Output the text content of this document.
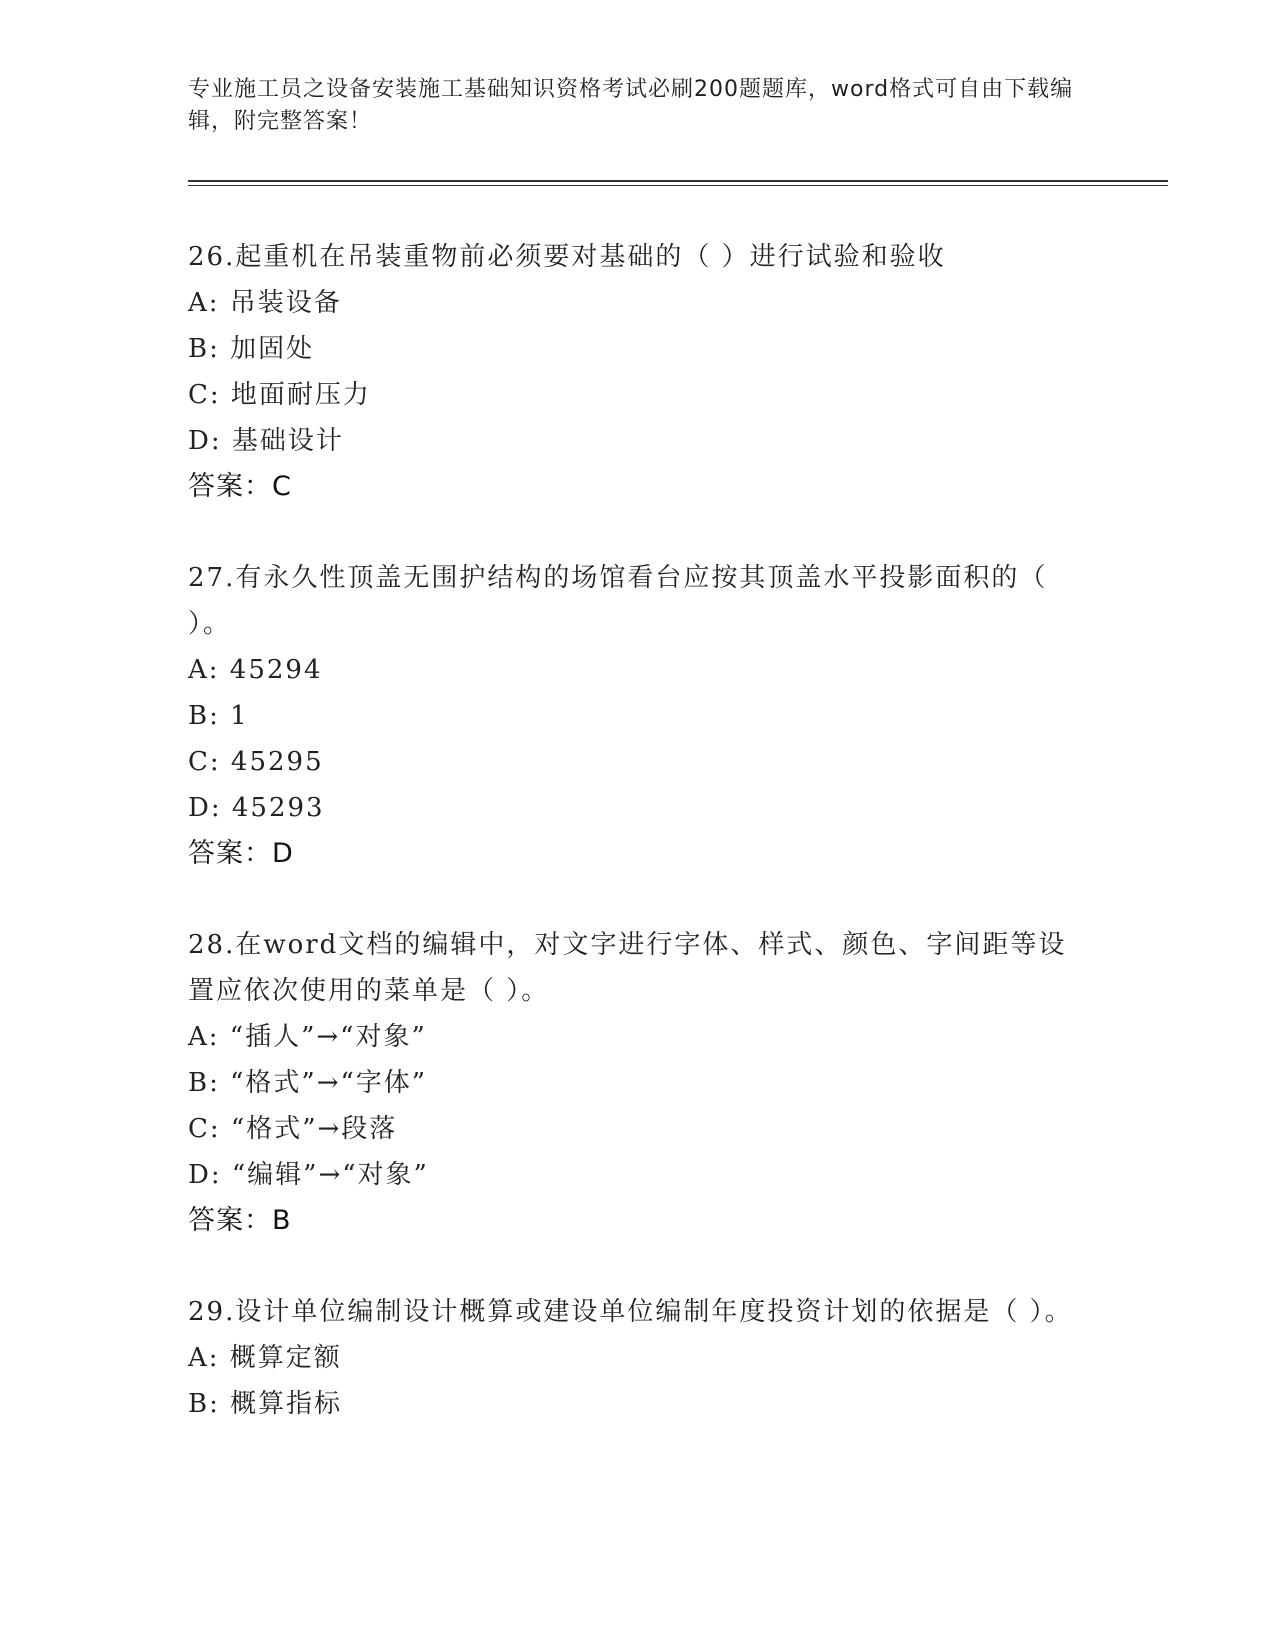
专业施工员之设备安装施工基础知识资格考试必刷200题题库，word格式可自由下载编辑，附完整答案！
26.起重机在吊装重物前必须要对基础的（ ）进行试验和验收
A: 吊装设备
B: 加固处
C: 地面耐压力
D: 基础设计
答案：C
27.有永久性顶盖无围护结构的场馆看台应按其顶盖水平投影面积的（ ）。
A: 45294
B: 1
C: 45295
D: 45293
答案：D
28.在word文档的编辑中，对文字进行字体、样式、颜色、字间距等设置应依次使用的菜单是（ ）。
A: “插人”→“对象”
B: “格式”→“字体”
C: “格式”→段落
D: “编辑”→“对象”
答案：B
29.设计单位编制设计概算或建设单位编制年度投资计划的依据是（ ）。
A: 概算定额
B: 概算指标
